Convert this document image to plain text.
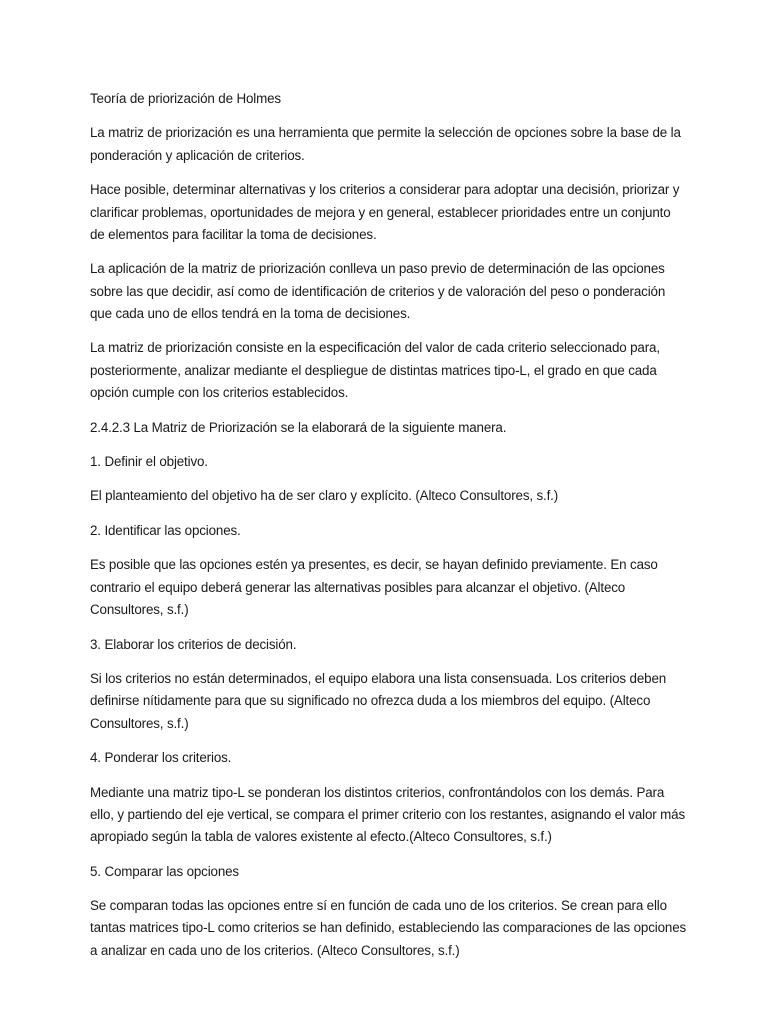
Teoría de priorización de Holmes

La matriz de priorización es una herramienta que permite la selección de opciones sobre la base de la ponderación y aplicación de criterios.

Hace posible, determinar alternativas y los criterios a considerar para adoptar una decisión, priorizar y clarificar problemas, oportunidades de mejora y en general, establecer prioridades entre un conjunto de elementos para facilitar la toma de decisiones.

La aplicación de la matriz de priorización conlleva un paso previo de determinación de las opciones sobre las que decidir, así como de identificación de criterios y de valoración del peso o ponderación que cada uno de ellos tendrá en la toma de decisiones.

La matriz de priorización consiste en la especificación del valor de cada criterio seleccionado para, posteriormente, analizar mediante el despliegue de distintas matrices tipo-L, el grado en que cada opción cumple con los criterios establecidos.

2.4.2.3 La Matriz de Priorización se la elaborará de la siguiente manera.

1. Definir el objetivo.

El planteamiento del objetivo ha de ser claro y explícito. (Alteco Consultores, s.f.)

2. Identificar las opciones.

Es posible que las opciones estén ya presentes, es decir, se hayan definido previamente. En caso contrario el equipo deberá generar las alternativas posibles para alcanzar el objetivo. (Alteco Consultores, s.f.)

3. Elaborar los criterios de decisión.

Si los criterios no están determinados, el equipo elabora una lista consensuada. Los criterios deben definirse nítidamente para que su significado no ofrezca duda a los miembros del equipo. (Alteco Consultores, s.f.)

4. Ponderar los criterios.

Mediante una matriz tipo-L se ponderan los distintos criterios, confrontándolos con los demás. Para ello, y partiendo del eje vertical, se compara el primer criterio con los restantes, asignando el valor más apropiado según la tabla de valores existente al efecto.(Alteco Consultores, s.f.)

5. Comparar las opciones

Se comparan todas las opciones entre sí en función de cada uno de los criterios. Se crean para ello tantas matrices tipo-L como criterios se han definido, estableciendo las comparaciones de las opciones a analizar en cada uno de los criterios. (Alteco Consultores, s.f.)
